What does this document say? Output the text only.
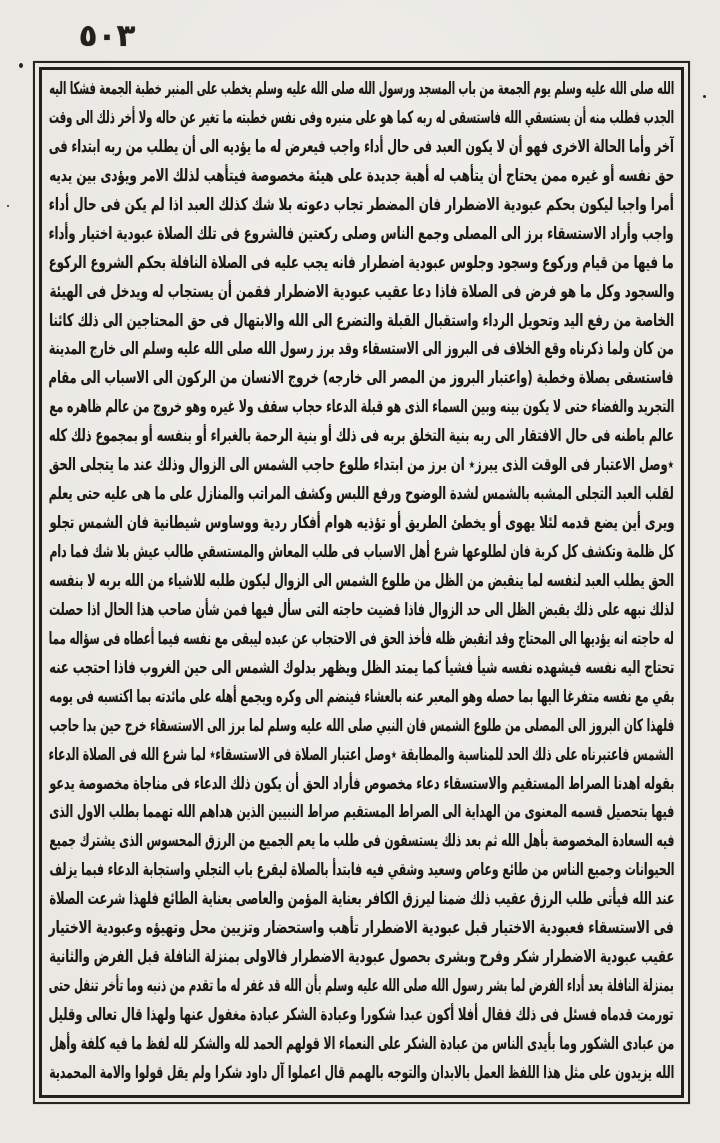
٥٠٣
الله صلى الله عليه وسلم يوم الجمعة من باب المسجد ورسول الله صلى الله عليه وسلم يخطب على المنبر خطبة الجمعة فشكا اليه
الجدب فطلب منه أن يستسقي الله فاستسقى له ربه كما هو على منبره وفى نفس خطبته ما تغير عن حاله ولا أخر ذلك الى وقت
آخر وأما الحالة الاخرى فهو أن لا يكون العبد فى حال أداء واجب فيعرض له ما يؤديه الى أن يطلب من ربه ابتداء فى
حق نفسه أو غيره ممن يحتاج أن يتأهب له أهبة جديدة على هيئة مخصوصة فيتأهب لذلك الامر ويؤدى بين يديه
أمرا واجبا ليكون بحكم عبودية الاضطرار فان المضطر تجاب دعوته بلا شك كذلك العبد اذا لم يكن فى حال أداء
واجب وأراد الاستسقاء برز الى المصلى وجمع الناس وصلى ركعتين فالشروع فى تلك الصلاة عبودية اختيار وأداء
ما فيها من قيام وركوع وسجود وجلوس عبودية اضطرار فانه يجب عليه فى الصلاة النافلة بحكم الشروع الركوع
والسجود وكل ما هو فرض فى الصلاة فاذا دعا عقيب عبودية الاضطرار فقمن أن يستجاب له ويدخل فى الهيئة
الخاصة من رفع اليد وتحويل الرداء واستقبال القبلة والتضرع الى الله والابتهال فى حق المحتاجين الى ذلك كائنا
من كان ولما ذكرناه وقع الخلاف فى البروز الى الاستسقاء وقد برز رسول الله صلى الله عليه وسلم الى خارج المدينة
فاستسقى بصلاة وخطبة (واعتبار البروز من المصر الى خارجه) خروج الانسان من الركون الى الاسباب الى مقام
التجريد والفضاء حتى لا يكون بينه وبين السماء الذى هو قبلة الدعاء حجاب سقف ولا غيره وهو خروج من عالم ظاهره مع
عالم باطنه فى حال الافتقار الى ربه بنية التخلق بربه فى ذلك أو بنية الرحمة بالغبراء أو بنفسه أو بمجموع ذلك كله
٭وصل الاعتبار فى الوقت الذى يبرز٭ ان برز من ابتداء طلوع حاجب الشمس الى الزوال وذلك عند ما يتجلى الحق
لقلب العبد التجلى المشبه بالشمس لشدة الوضوح ورفع اللبس وكشف المراتب والمنازل على ما هى عليه حتى يعلم
ويرى أين يضع قدمه لئلا يهوى أو يخطئ الطريق أو تؤذيه هوام أفكار ردية ووساوس شيطانية فان الشمس تجلو
كل ظلمة وتكشف كل كربة فان لطلوعها شرع أهل الاسباب فى طلب المعاش والمستسقي طالب عيش بلا شك فما دام
الحق يطلب العبد لنفسه لما ينقبض من الظل من طلوع الشمس الى الزوال ليكون طلبه للاشياء من الله بربه لا بنفسه
لذلك نبهه على ذلك بقبض الظل الى حد الزوال فاذا قضيت حاجته التى سأل فيها فمن شأن صاحب هذا الحال اذا حصلت
له حاجته انه يؤديها الى المحتاج وقد انقبض ظله فأخذ الحق فى الاحتجاب عن عبده ليبقى مع نفسه فيما أعطاه فى سؤاله مما
تحتاج اليه نفسه فيشهده نفسه شيأ فشيأ كما يمتد الظل ويظهر بدلوك الشمس الى حين الغروب فاذا احتجب عنه
بقي مع نفسه متفرغا اليها بما حصله وهو المعبر عنه بالعشاء فينضم الى وكره ويجمع أهله على مائدته بما اكتسبه فى يومه
فلهذا كان البروز الى المصلى من طلوع الشمس فان النبي صلى الله عليه وسلم لما برز الى الاستسقاء خرج حين بدا حاجب
الشمس فاعتبرناه على ذلك الحد للمناسبة والمطابقة ٭وصل اعتبار الصلاة فى الاستسقاء٭ لما شرع الله فى الصلاة الدعاء
بقوله اهدنا الصراط المستقيم والاستسقاء دعاء مخصوص فأراد الحق أن يكون ذلك الدعاء فى مناجاة مخصوصة يدعو
فيها بتحصيل قسمه المعنوى من الهداية الى الصراط المستقيم صراط النبيين الذين هداهم الله تهمما بطلب الاول الذى
فيه السعادة المخصوصة بأهل الله ثم بعد ذلك يستسقون فى طلب ما يعم الجميع من الرزق المحسوس الذى يشترك جميع
الحيوانات وجميع الناس من طائع وعاص وسعيد وشقي فيه فابتدأ بالصلاة ليقرع باب التجلي واستجابة الدعاء فبما يزلف
عند الله فيأتى طلب الرزق عقيب ذلك ضمنا ليرزق الكافر بعناية المؤمن والعاصى بعناية الطائع فلهذا شرعت الصلاة
فى الاستسقاء فعبودية الاختيار قبل عبودية الاضطرار تأهب واستحضار وتزيين محل وتهيؤه وعبودية الاختيار
عقيب عبودية الاضطرار شكر وفرح وبشرى بحصول عبودية الاضطرار فالاولى بمنزلة النافلة قبل الفرض والثانية
بمنزلة النافلة بعد أداء الفرض لما بشر رسول الله صلى الله عليه وسلم بأن الله قد غفر له ما تقدم من ذنبه وما تأخر تنفل حتى
تورمت قدماه فسئل فى ذلك فقال أفلا أكون عبدا شكورا وعبادة الشكر عبادة مغفول عنها ولهذا قال تعالى وقليل
من عبادى الشكور وما بأيدى الناس من عبادة الشكر على النعماء الا قولهم الحمد لله والشكر لله لفظ ما فيه كلفة وأهل
الله يزيدون على مثل هذا اللفظ العمل بالابدان والتوجه بالهمم قال اعملوا آل داود شكرا ولم يقل قولوا والامة المحمدية
